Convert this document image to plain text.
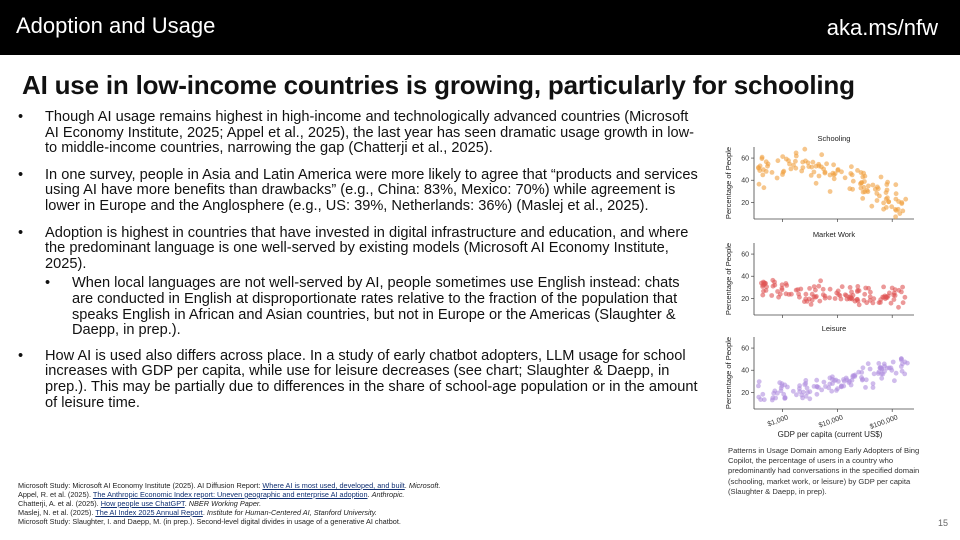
Adoption and Usage	aka.ms/nfw
AI use in low-income countries is growing, particularly for schooling
• Though AI usage remains highest in high-income and technologically advanced countries (Microsoft AI Economy Institute, 2025; Appel et al., 2025), the last year has seen dramatic usage growth in low- to middle-income countries, narrowing the gap (Chatterji et al., 2025).
• In one survey, people in Asia and Latin America were more likely to agree that “products and services using AI have more benefits than drawbacks” (e.g., China: 83%, Mexico: 70%) while agreement is lower in Europe and the Anglosphere (e.g., US: 39%, Netherlands: 36%) (Maslej et al., 2025).
• Adoption is highest in countries that have invested in digital infrastructure and education, and where the predominant language is one well-served by existing models (Microsoft AI Economy Institute, 2025).
• When local languages are not well-served by AI, people sometimes use English instead: chats are conducted in English at disproportionate rates relative to the fraction of the population that speaks English in African and Asian countries, but not in Europe or the Americas (Slaughter & Daepp, in prep.).
• How AI is used also differs across place. In a study of early chatbot adopters, LLM usage for school increases with GDP per capita, while use for leisure decreases (see chart; Slaughter & Daepp, in prep.). This may be partially due to differences in the share of school-age population or in the amount of leisure time.
Microsoft Study: Microsoft AI Economy Institute (2025). AI Diffusion Report: Where AI is most used, developed, and built. Microsoft.
Appel, R. et al. (2025). The Anthropic Economic Index report: Uneven geographic and enterprise AI adoption. Anthropic.
Chatterji, A. et al. (2025). How people use ChatGPT. NBER Working Paper.
Maslej, N. et al. (2025). The AI Index 2025 Annual Report. Institute for Human-Centered AI, Stanford University.
Microsoft Study: Slaughter, I. and Daepp, M. (in prep.). Second-level digital divides in usage of a generative AI chatbot.
Schooling
20
40
60
Percentage of People
Market Work
20
40
60
Percentage of People
Leisure
20
40
60
Percentage of People
$1,000	$10,000	$100,000
GDP per capita (current US$)
Patterns in Usage Domain among Early Adopters of Bing Copilot, the percentage of users in a country who predominantly had conversations in the specified domain (schooling, market work, or leisure) by GDP per capita (Slaughter & Daepp, in prep).
15
